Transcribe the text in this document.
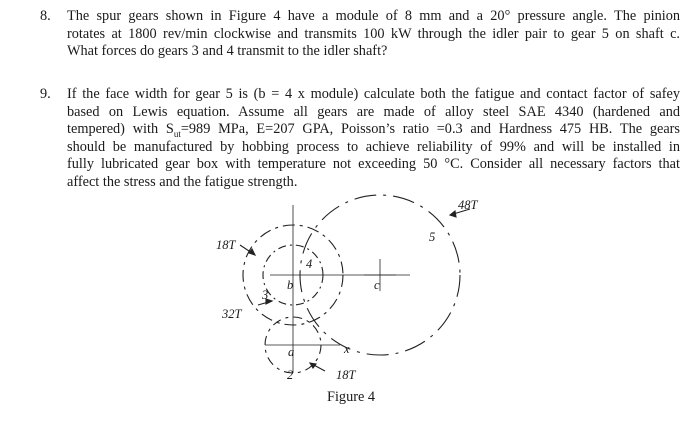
8. The spur gears shown in Figure 4 have a module of 8 mm and a 20° pressure angle. The pinion
rotates at 1800 rev/min clockwise and transmits 100 kW through the idler pair to gear 5 on shaft c.
What forces do gears 3 and 4 transmit to the idler shaft?
9. If the face width for gear 5 is (b = 4 x module) calculate both the fatigue and contact factor of safey
based on Lewis equation. Assume all gears are made of alloy steel SAE 4340 (hardened and
tempered) with $S_{ut}=989$ MPa, E=207 GPA, Poisson’s ratio =0.3 and Hardness 475 HB. The gears
should be manufactured by hobbing process to achieve reliability of 99% and will be installed in
fully lubricated gear box with temperature not exceeding 50 °C. Consider all necessary factors that
affect the stress and the fatigue strength.
48T
5
18T
4
b	c
3
32T
a	x
2	18T
Figure 4
